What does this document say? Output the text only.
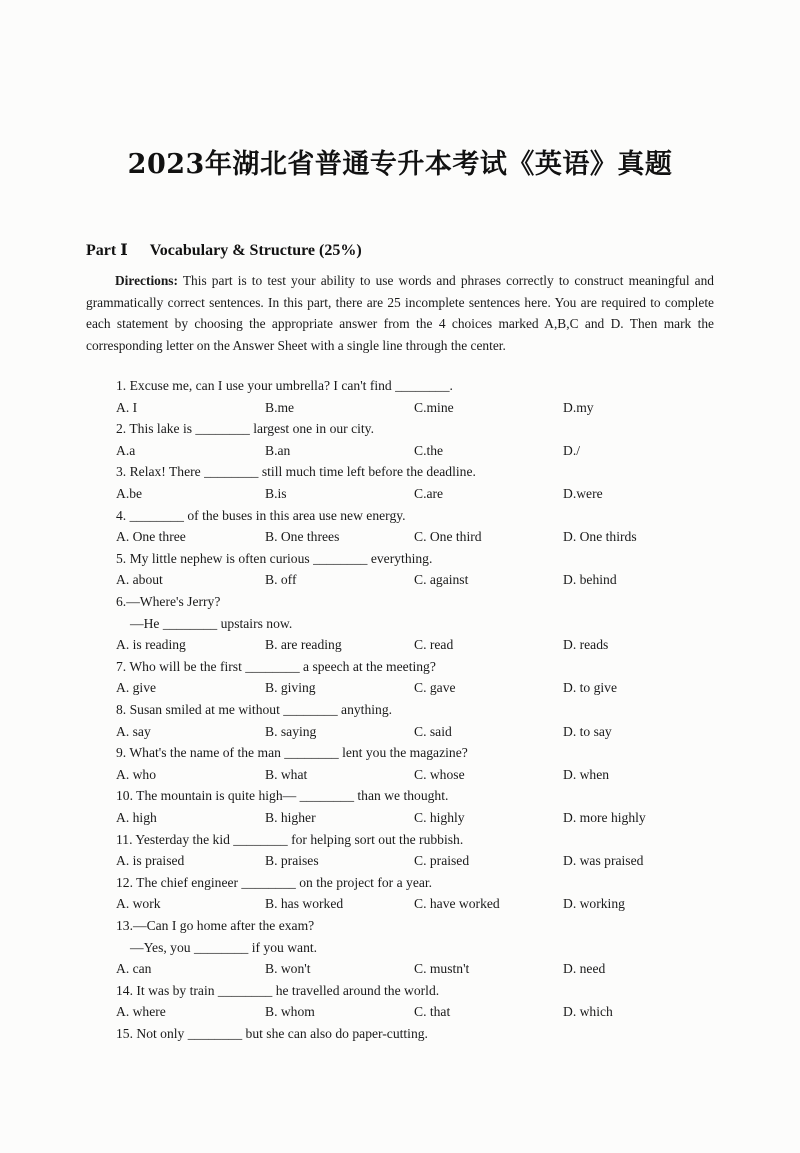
2023年湖北省普通专升本考试《英语》真题
Part Ⅰ Vocabulary & Structure (25%)
Directions: This part is to test your ability to use words and phrases correctly to construct meaningful and grammatically correct sentences. In this part, there are 25 incomplete sentences here. You are required to complete each statement by choosing the appropriate answer from the 4 choices marked A,B,C and D. Then mark the corresponding letter on the Answer Sheet with a single line through the center.
1. Excuse me, can I use your umbrella? I can't find ________.
A. I	B.me	C.mine	D.my
2. This lake is ________ largest one in our city.
A.a	B.an	C.the	D./
3. Relax! There ________ still much time left before the deadline.
A.be	B.is	C.are	D.were
4. ________ of the buses in this area use new energy.
A. One three	B. One threes	C. One third	D. One thirds
5. My little nephew is often curious ________ everything.
A. about	B. off	C. against	D. behind
6.—Where's Jerry?
—He ________ upstairs now.
A. is reading	B. are reading	C. read	D. reads
7. Who will be the first ________ a speech at the meeting?
A. give	B. giving	C. gave	D. to give
8. Susan smiled at me without ________ anything.
A. say	B. saying	C. said	D. to say
9. What's the name of the man ________ lent you the magazine?
A. who	B. what	C. whose	D. when
10. The mountain is quite high— ________ than we thought.
A. high	B. higher	C. highly	D. more highly
11. Yesterday the kid ________ for helping sort out the rubbish.
A. is praised	B. praises	C. praised	D. was praised
12. The chief engineer ________ on the project for a year.
A. work	B. has worked	C. have worked	D. working
13.—Can I go home after the exam?
—Yes, you ________ if you want.
A. can	B. won't	C. mustn't	D. need
14. It was by train ________ he travelled around the world.
A. where	B. whom	C. that	D. which
15. Not only ________ but she can also do paper-cutting.
